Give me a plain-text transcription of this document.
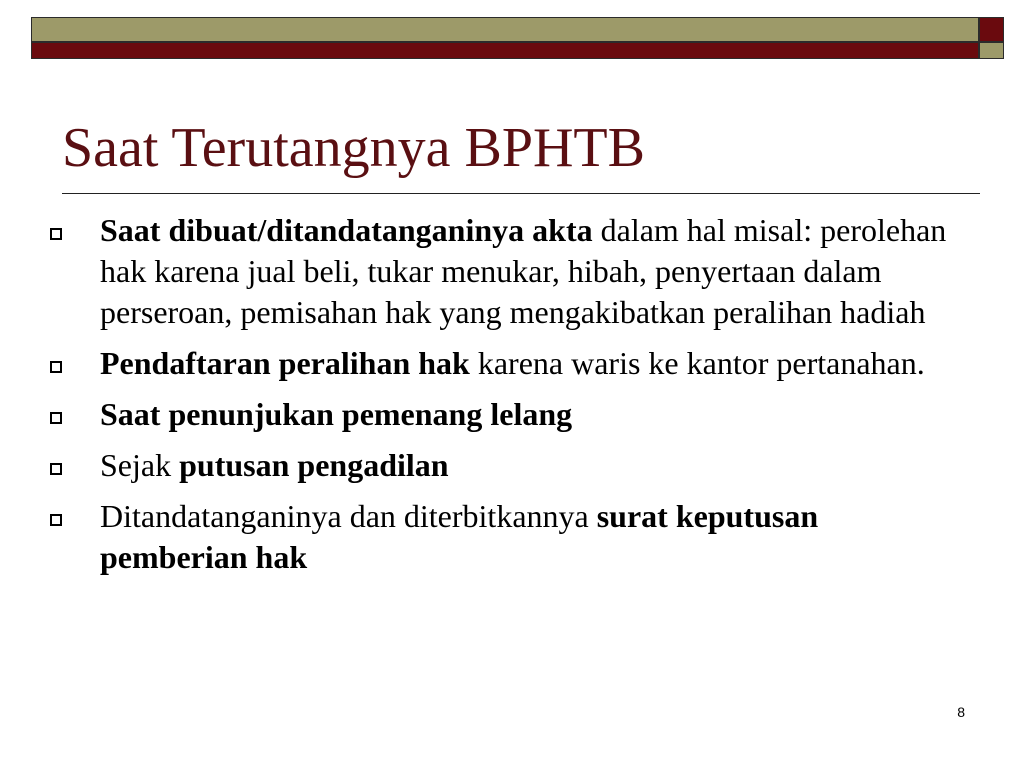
Saat Terutangnya BPHTB
Saat dibuat/ditandatanganinya akta dalam hal misal: perolehan hak karena jual beli, tukar menukar, hibah, penyertaan dalam perseroan, pemisahan hak yang mengakibatkan peralihan hadiah
Pendaftaran peralihan hak karena waris ke kantor pertanahan.
Saat penunjukan pemenang lelang
Sejak putusan pengadilan
Ditandatanganinya dan diterbitkannya surat keputusan pemberian hak
8
